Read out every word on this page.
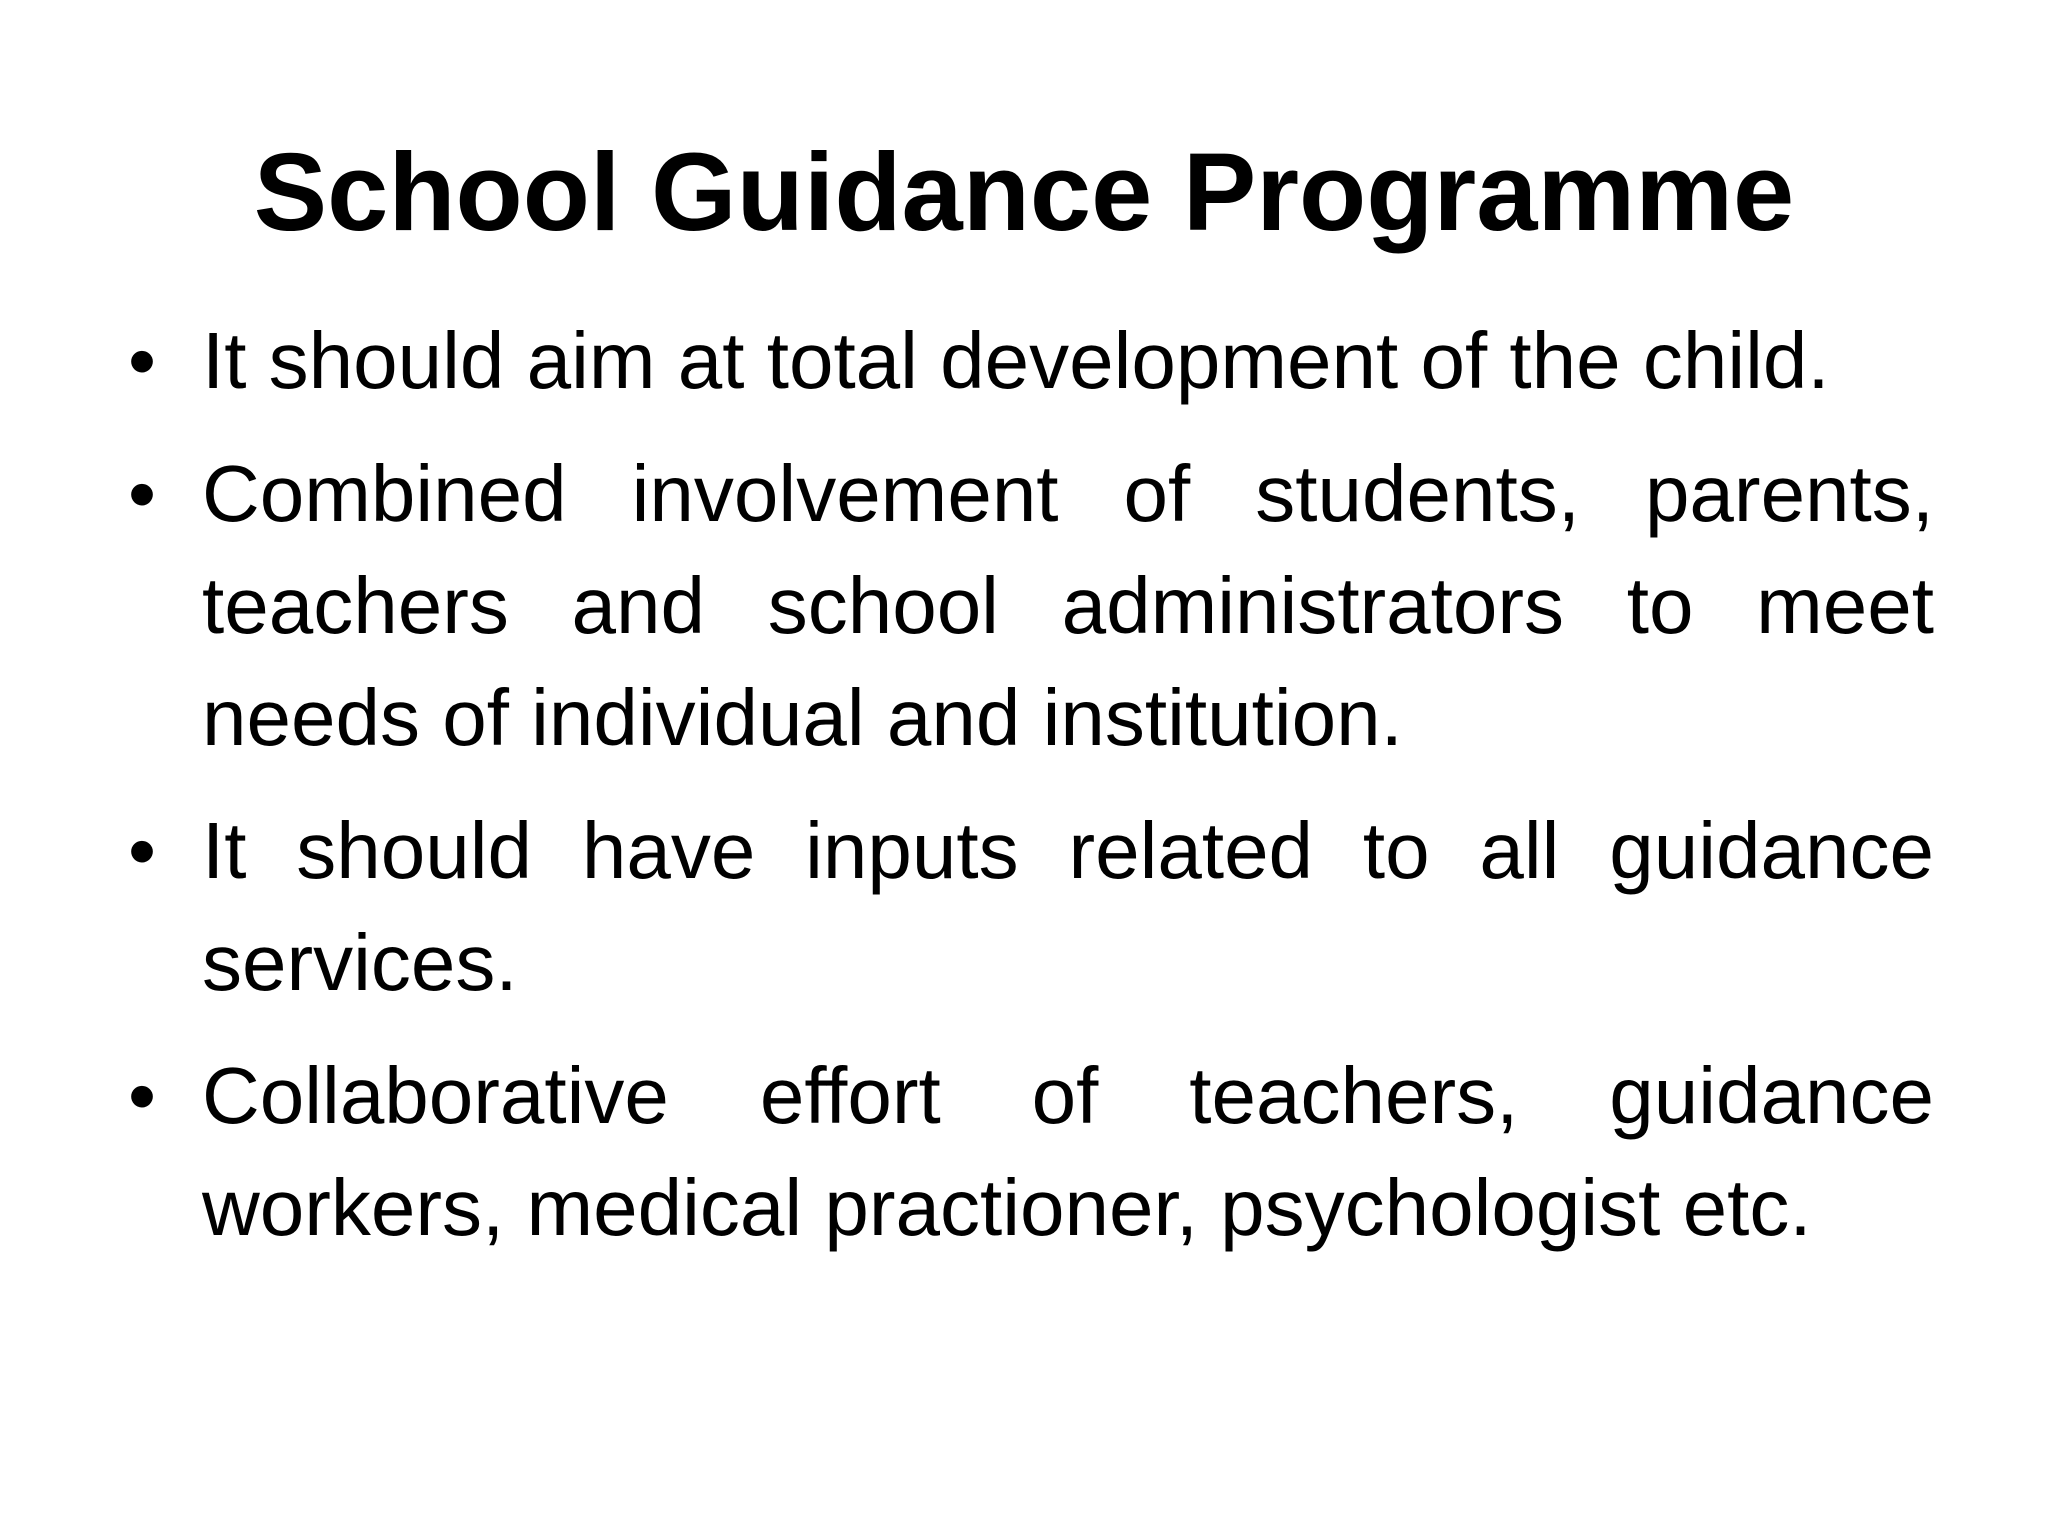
School Guidance Programme
• It should aim at total development of the child.
• Combined involvement of students, parents, teachers and school administrators to meet needs of individual and institution.
• It should have inputs related to all guidance services.
• Collaborative effort of teachers, guidance workers, medical practioner, psychologist etc.
